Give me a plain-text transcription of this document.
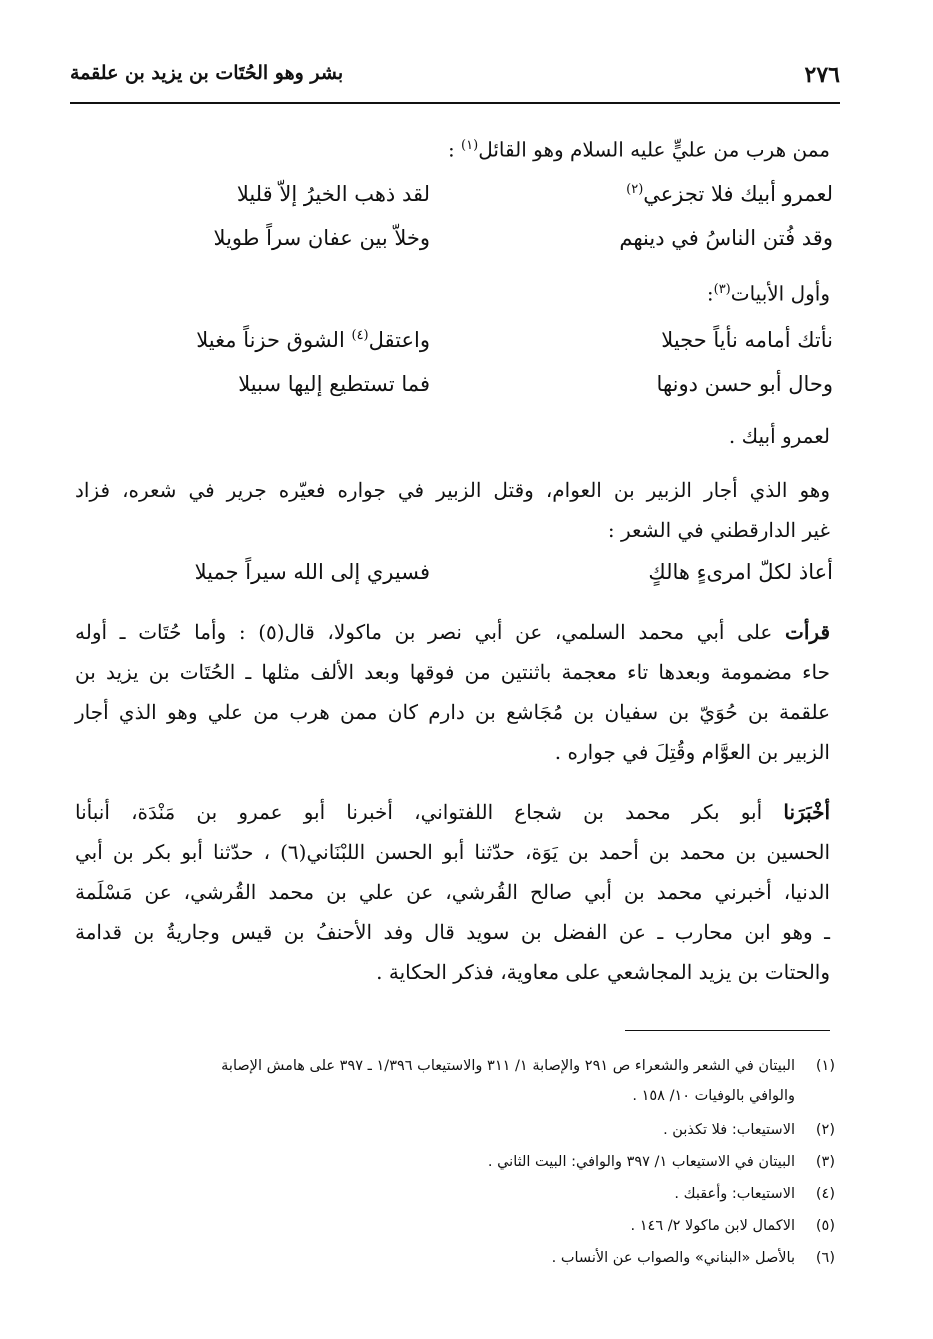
٢٧٦
بشر وهو الحُتَات بن يزيد بن علقمة
ممن هرب من عليٍّ عليه السلام وهو القائل$^{(١)}$ :
لعمرو أبيك فلا تجزعي$^{(٢)}$
لقد ذهب الخيرُ إلاّ قليلا
وقد فُتن الناسُ في دينهم
وخلاّ بين عفان سراً طويلا
وأول الأبيات$^{(٣)}$:
نأتك أمامه نأياً حجيلا
واعتقل$^{(٤)}$ الشوق حزناً مغيلا
وحال أبو حسن دونها
فما تستطيع إليها سبيلا
لعمرو أبيك .
وهو الذي أجار الزبير بن العوام، وقتل الزبير في جواره فعيّره جرير في شعره، فزاد
غير الدارقطني في الشعر :
أعاذ لكلّ امرىءٍ هالكٍ
فسيري إلى الله سيراً جميلا
قرأت على أبي محمد السلمي، عن أبي نصر بن ماكولا، قال(٥) : وأما حُتَات ـ أوله
حاء مضمومة وبعدها تاء معجمة باثنتين من فوقها وبعد الألف مثلها ـ الحُتَات بن يزيد بن
علقمة بن حُوَيّ بن سفيان بن مُجَاشع بن دارم كان ممن هرب من علي وهو الذي أجار
الزبير بن العوَّام وقُتِلَ في جواره .
أخْبَرَنا أبو بكر محمد بن شجاع اللفتواني، أخبرنا أبو عمرو بن مَنْدَة، أنبأنا
الحسين بن محمد بن أحمد بن يَوَة، حدّثنا أبو الحسن اللبْنَاني(٦) ، حدّثنا أبو بكر بن أبي
الدنيا، أخبرني محمد بن أبي صالح القُرشي، عن علي بن محمد القُرشي، عن مَسْلَمة
ـ وهو ابن محارب ـ عن الفضل بن سويد قال وفد الأحنفُ بن قيس وجاريةُ بن قدامة
والحتات بن يزيد المجاشعي على معاوية، فذكر الحكاية .
(١)البيتان في الشعر والشعراء ص ٢٩١ والإصابة ١/ ٣١١ والاستيعاب ١/٣٩٦ ـ ٣٩٧ على هامش الإصابة
والوافي بالوفيات ١٠/ ١٥٨ .
(٢)الاستيعاب: فلا تكذبن .
(٣)البيتان في الاستيعاب ١/ ٣٩٧ والوافي: البيت الثاني .
(٤)الاستيعاب: وأعقبك .
(٥)الاكمال لابن ماكولا ٢/ ١٤٦ .
(٦)بالأصل «البناني» والصواب عن الأنساب .
